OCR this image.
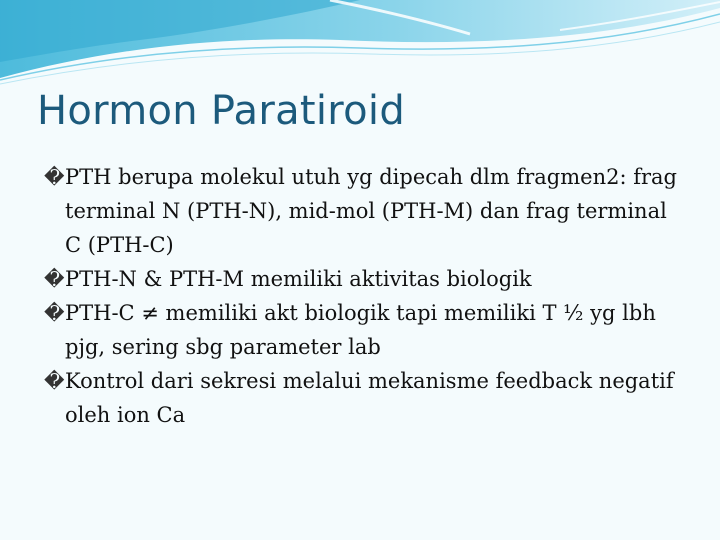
Hormon Paratiroid
� PTH berupa molekul utuh yg dipecah dlm fragmen2: frag terminal N (PTH-N), mid-mol (PTH-M) dan frag terminal C (PTH-C)
� PTH-N & PTH-M memiliki aktivitas biologik
� PTH-C ≠ memiliki akt biologik tapi memiliki T ½ yg lbh pjg, sering sbg parameter lab
� Kontrol dari sekresi melalui mekanisme feedback negatif oleh ion Ca
